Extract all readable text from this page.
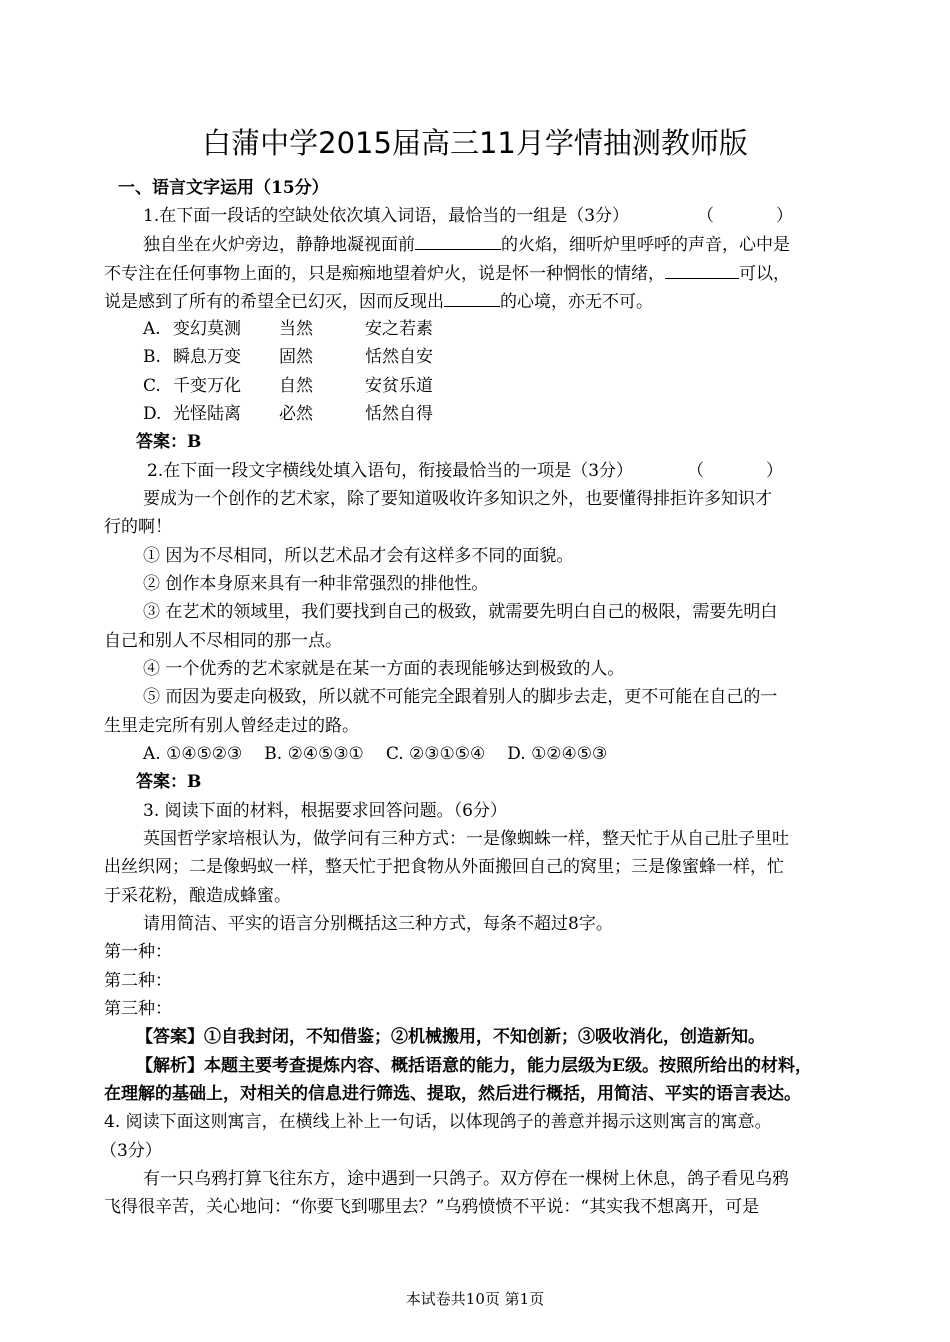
白蒲中学2015届高三11月学情抽测教师版
一、语言文字运用（15分）
1.在下面一段话的空缺处依次填入词语，最恰当的一组是（3分）	（	）
独自坐在火炉旁边，静静地凝视面前	的火焰，细听炉里呼呼的声音，心中是
不专注在任何事物上面的，只是痴痴地望着炉火，说是怀一种惘怅的情绪，	可以，
说是感到了所有的希望全已幻灭，因而反现出	的心境，亦无不可。
A. 变幻莫测 当然	安之若素
B. 瞬息万变 固然	恬然自安
C. 千变万化 自然	安贫乐道
D. 光怪陆离 必然	恬然自得
答案：B
2.在下面一段文字横线处填入语句，衔接最恰当的一项是（3分）	（	）
要成为一个创作的艺术家，除了要知道吸收许多知识之外，也要懂得排拒许多知识才
行的啊！
① 因为不尽相同，所以艺术品才会有这样多不同的面貌。
② 创作本身原来具有一种非常强烈的排他性。
③ 在艺术的领域里，我们要找到自己的极致，就需要先明白自己的极限，需要先明白
自己和别人不尽相同的那一点。
④ 一个优秀的艺术家就是在某一方面的表现能够达到极致的人。
⑤ 而因为要走向极致，所以就不可能完全跟着别人的脚步去走，更不可能在自己的一
生里走完所有别人曾经走过的路。
A. ①④⑤②③ B. ②④⑤③① C. ②③①⑤④ D. ①②④⑤③
答案：B
3. 阅读下面的材料，根据要求回答问题。（6分）
英国哲学家培根认为，做学问有三种方式：一是像蜘蛛一样，整天忙于从自己肚子里吐
出丝织网；二是像蚂蚁一样，整天忙于把食物从外面搬回自己的窝里；三是像蜜蜂一样，忙
于采花粉，酿造成蜂蜜。
请用简洁、平实的语言分别概括这三种方式，每条不超过8字。
第一种：
第二种：
第三种：
【答案】①自我封闭，不知借鉴；②机械搬用，不知创新；③吸收消化，创造新知。
【解析】本题主要考查提炼内容、概括语意的能力，能力层级为E级。按照所给出的材料，
在理解的基础上，对相关的信息进行筛选、提取，然后进行概括，用简洁、平实的语言表达。
4. 阅读下面这则寓言，在横线上补上一句话，以体现鸽子的善意并揭示这则寓言的寓意。
（3分）
有一只乌鸦打算飞往东方，途中遇到一只鸽子。双方停在一棵树上休息，鸽子看见乌鸦
飞得很辛苦，关心地问：“你要飞到哪里去？”乌鸦愤愤不平说：“其实我不想离开，可是
本试卷共10页 第1页
